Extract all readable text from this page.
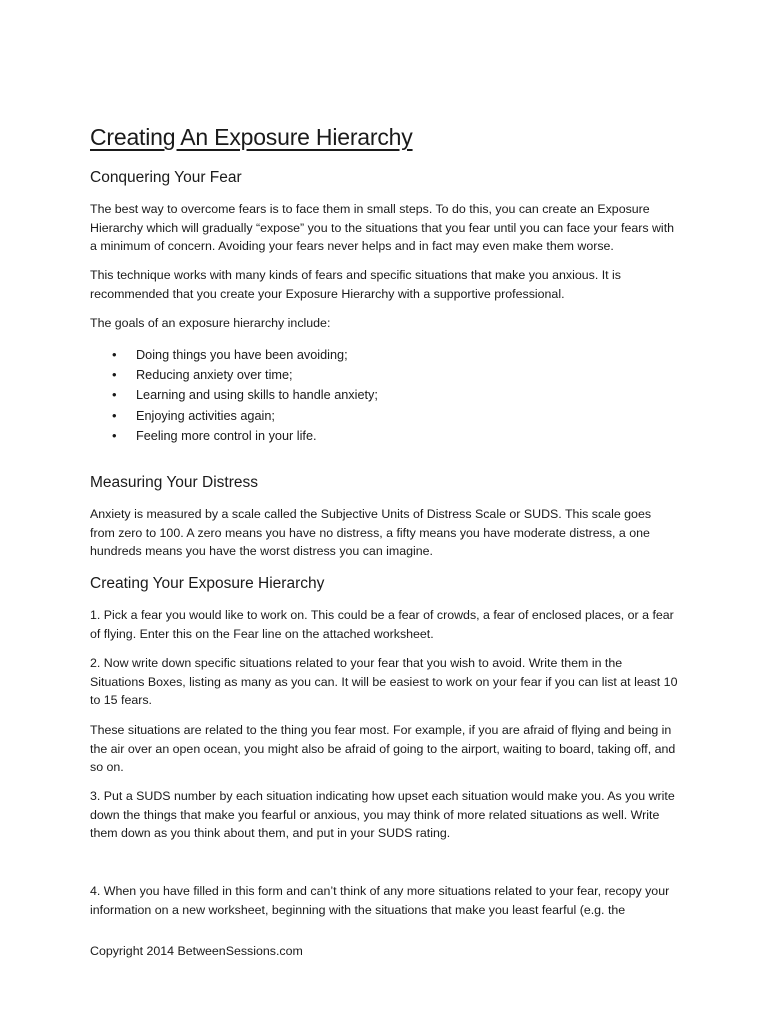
Creating An Exposure Hierarchy
Conquering Your Fear

The best way to overcome fears is to face them in small steps. To do this, you can create an Exposure Hierarchy which will gradually “expose” you to the situations that you fear until you can face your fears with a minimum of concern. Avoiding your fears never helps and in fact may even make them worse.

This technique works with many kinds of fears and specific situations that make you anxious. It is recommended that you create your Exposure Hierarchy with a supportive professional.

The goals of an exposure hierarchy include:

• Doing things you have been avoiding;
• Reducing anxiety over time;
• Learning and using skills to handle anxiety;
• Enjoying activities again;
• Feeling more control in your life.
Measuring Your Distress

Anxiety is measured by a scale called the Subjective Units of Distress Scale or SUDS. This scale goes from zero to 100. A zero means you have no distress, a fifty means you have moderate distress, a one hundreds means you have the worst distress you can imagine.

Creating Your Exposure Hierarchy

1. Pick a fear you would like to work on. This could be a fear of crowds, a fear of enclosed places, or a fear of flying. Enter this on the Fear line on the attached worksheet.

2. Now write down specific situations related to your fear that you wish to avoid. Write them in the Situations Boxes, listing as many as you can. It will be easiest to work on your fear if you can list at least 10 to 15 fears.

These situations are related to the thing you fear most. For example, if you are afraid of flying and being in the air over an open ocean, you might also be afraid of going to the airport, waiting to board, taking off, and so on.

3. Put a SUDS number by each situation indicating how upset each situation would make you. As you write down the things that make you fearful or anxious, you may think of more related situations as well. Write them down as you think about them, and put in your SUDS rating.

4. When you have filled in this form and can’t think of any more situations related to your fear, recopy your information on a new worksheet, beginning with the situations that make you least fearful (e.g. the

Copyright 2014 BetweenSessions.com
